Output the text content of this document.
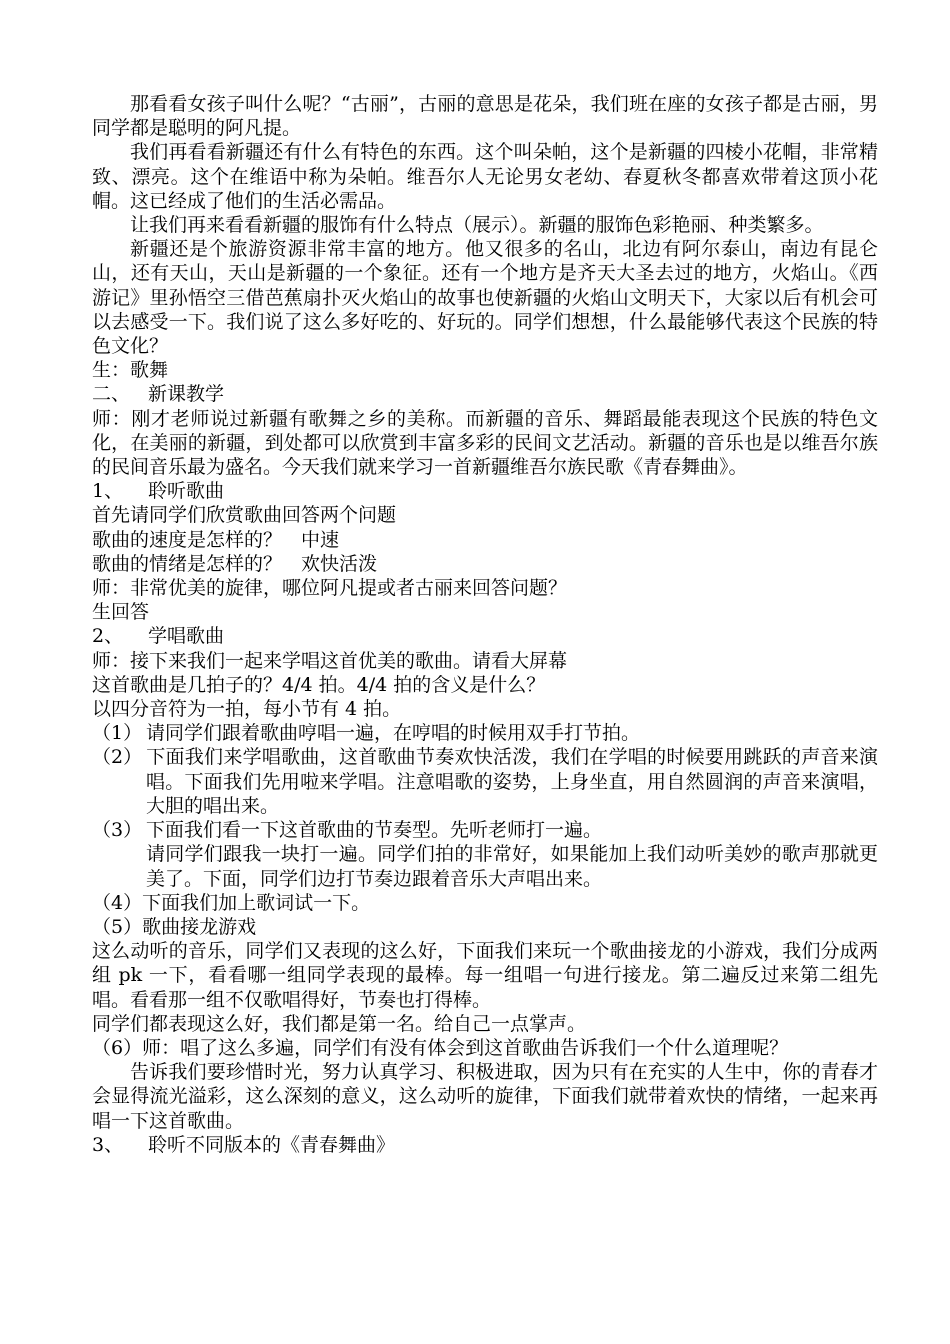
那看看女孩子叫什么呢？“古丽”，古丽的意思是花朵，我们班在座的女孩子都是古丽，男同学都是聪明的阿凡提。

我们再看看新疆还有什么有特色的东西。这个叫朵帕，这个是新疆的四棱小花帽，非常精致、漂亮。这个在维语中称为朵帕。维吾尔人无论男女老幼、春夏秋冬都喜欢带着这顶小花帽。这已经成了他们的生活必需品。

让我们再来看看新疆的服饰有什么特点（展示）。新疆的服饰色彩艳丽、种类繁多。

新疆还是个旅游资源非常丰富的地方。他又很多的名山，北边有阿尔泰山，南边有昆仑山，还有天山，天山是新疆的一个象征。还有一个地方是齐天大圣去过的地方，火焰山。《西游记》里孙悟空三借芭蕉扇扑灭火焰山的故事也使新疆的火焰山文明天下，大家以后有机会可以去感受一下。我们说了这么多好吃的、好玩的。同学们想想，什么最能够代表这个民族的特色文化？

生：歌舞

二、 新课教学

师：刚才老师说过新疆有歌舞之乡的美称。而新疆的音乐、舞蹈最能表现这个民族的特色文化，在美丽的新疆，到处都可以欣赏到丰富多彩的民间文艺活动。新疆的音乐也是以维吾尔族的民间音乐最为盛名。今天我们就来学习一首新疆维吾尔族民歌《青春舞曲》。

1、 聆听歌曲

首先请同学们欣赏歌曲回答两个问题

歌曲的速度是怎样的？　中速

歌曲的情绪是怎样的？　欢快活泼

师：非常优美的旋律，哪位阿凡提或者古丽来回答问题？

生回答

2、 学唱歌曲

师：接下来我们一起来学唱这首优美的歌曲。请看大屏幕

这首歌曲是几拍子的？4/4 拍。4/4 拍的含义是什么？

以四分音符为一拍，每小节有 4 拍。

（1） 请同学们跟着歌曲哼唱一遍，在哼唱的时候用双手打节拍。

（2） 下面我们来学唱歌曲，这首歌曲节奏欢快活泼，我们在学唱的时候要用跳跃的声音来演唱。下面我们先用啦来学唱。注意唱歌的姿势，上身坐直，用自然圆润的声音来演唱，大胆的唱出来。

（3） 下面我们看一下这首歌曲的节奏型。先听老师打一遍。

请同学们跟我一块打一遍。同学们拍的非常好，如果能加上我们动听美妙的歌声那就更美了。下面，同学们边打节奏边跟着音乐大声唱出来。

（4）下面我们加上歌词试一下。

（5）歌曲接龙游戏

这么动听的音乐，同学们又表现的这么好，下面我们来玩一个歌曲接龙的小游戏，我们分成两组 pk 一下，看看哪一组同学表现的最棒。每一组唱一句进行接龙。第二遍反过来第二组先唱。看看那一组不仅歌唱得好，节奏也打得棒。

同学们都表现这么好，我们都是第一名。给自己一点掌声。

（6）师：唱了这么多遍，同学们有没有体会到这首歌曲告诉我们一个什么道理呢？

告诉我们要珍惜时光，努力认真学习、积极进取，因为只有在充实的人生中，你的青春才会显得流光溢彩，这么深刻的意义，这么动听的旋律，下面我们就带着欢快的情绪，一起来再唱一下这首歌曲。

3、 聆听不同版本的《青春舞曲》
